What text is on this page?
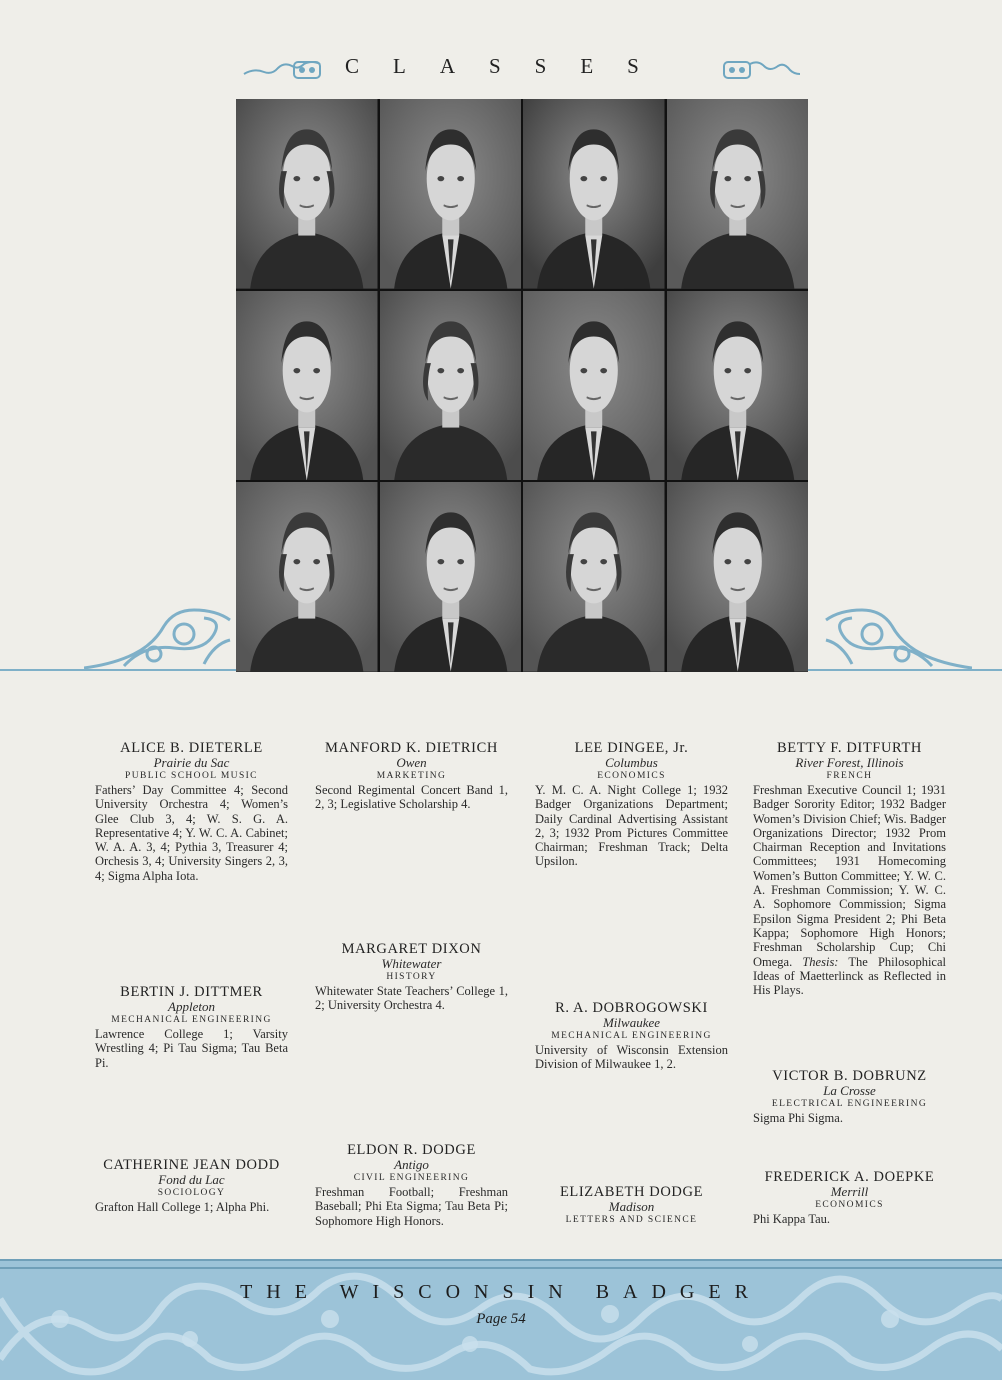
CLASSES
ALICE B. DIETERLE
Prairie du Sac
PUBLIC SCHOOL MUSIC
Fathers’ Day Committee 4; Second University Orchestra 4; Women’s Glee Club 3, 4; W. S. G. A. Representative 4; Y. W. C. A. Cabinet; W. A. A. 3, 4; Pythia 3, Treasurer 4; Orchesis 3, 4; University Singers 2, 3, 4; Sigma Alpha Iota.
MANFORD K. DIETRICH
Owen
MARKETING
Second Regimental Concert Band 1, 2, 3; Legislative Scholarship 4.
LEE DINGEE, Jr.
Columbus
ECONOMICS
Y. M. C. A. Night College 1; 1932 Badger Organizations Department; Daily Cardinal Advertising Assistant 2, 3; 1932 Prom Pictures Committee Chairman; Freshman Track; Delta Upsilon.
BETTY F. DITFURTH
River Forest, Illinois
FRENCH
Freshman Executive Council 1; 1931 Badger Sorority Editor; 1932 Badger Women’s Division Chief; Wis. Badger Organizations Director; 1932 Prom Chairman Reception and Invitations Committees; 1931 Homecoming Women’s Button Committee; Y. W. C. A. Freshman Commission; Y. W. C. A. Sophomore Commission; Sigma Epsilon Sigma President 2; Phi Beta Kappa; Sophomore High Honors; Freshman Scholarship Cup; Chi Omega. Thesis: The Philosophical Ideas of Maetterlinck as Reflected in His Plays.
MARGARET DIXON
Whitewater
HISTORY
Whitewater State Teachers’ College 1, 2; University Orchestra 4.
BERTIN J. DITTMER
Appleton
MECHANICAL ENGINEERING
Lawrence College 1; Varsity Wrestling 4; Pi Tau Sigma; Tau Beta Pi.
R. A. DOBROGOWSKI
Milwaukee
MECHANICAL ENGINEERING
University of Wisconsin Extension Division of Milwaukee 1, 2.
VICTOR B. DOBRUNZ
La Crosse
ELECTRICAL ENGINEERING
Sigma Phi Sigma.
CATHERINE JEAN DODD
Fond du Lac
SOCIOLOGY
Grafton Hall College 1; Alpha Phi.
ELDON R. DODGE
Antigo
CIVIL ENGINEERING
Freshman Football; Freshman Baseball; Phi Eta Sigma; Tau Beta Pi; Sophomore High Honors.
ELIZABETH DODGE
Madison
LETTERS AND SCIENCE
FREDERICK A. DOEPKE
Merrill
ECONOMICS
Phi Kappa Tau.
THE WISCONSIN BADGER
Page 54
